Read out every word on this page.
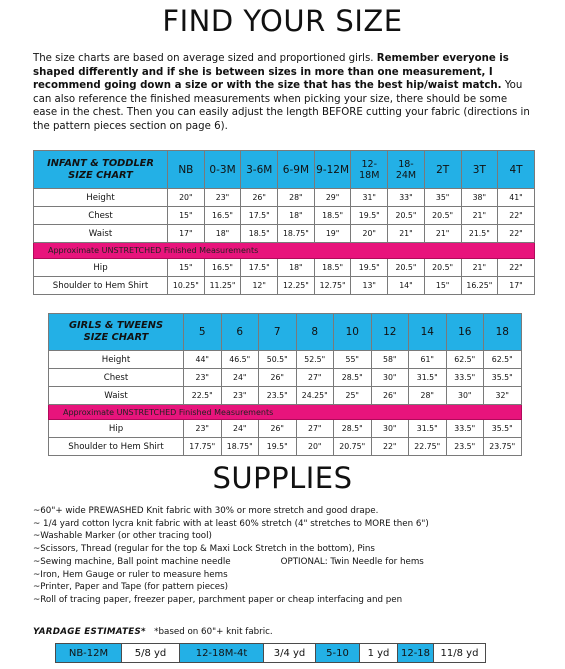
FIND YOUR SIZE
The size charts are based on average sized and proportioned girls. Remember everyone is shaped differently and if she is between sizes in more than one measurement, I recommend going down a size or with the size that has the best hip/waist match. You can also reference the finished measurements when picking your size, there should be some ease in the chest. Then you can easily adjust the length BEFORE cutting your fabric (directions in the pattern pieces section on page 6).
INFANT & TODDLER
SIZE CHART	NB	0-3M	3-6M	6-9M	9-12M	12-18M	18-24M	2T	3T	4T
Height	20"	23"	26"	28"	29"	31"	33"	35"	38"	41"
Chest	15"	16.5"	17.5"	18"	18.5"	19.5"	20.5"	20.5"	21"	22"
Waist	17"	18"	18.5"	18.75"	19"	20"	21"	21"	21.5"	22"
Approximate UNSTRETCHED Finished Measurements										
Hip	15"	16.5"	17.5"	18"	18.5"	19.5"	20.5"	20.5"	21"	22"
Shoulder to Hem Shirt	10.25"	11.25"	12"	12.25"	12.75"	13"	14"	15"	16.25"	17"
GIRLS & TWEENS
SIZE CHART	5	6	7	8	10	12	14	16	18
Height	44"	46.5"	50.5"	52.5"	55"	58"	61"	62.5"	62.5"
Chest	23"	24"	26"	27"	28.5"	30"	31.5"	33.5"	35.5"
Waist	22.5"	23"	23.5"	24.25"	25"	26"	28"	30"	32"
Approximate UNSTRETCHED Finished Measurements									
Hip	23"	24"	26"	27"	28.5"	30"	31.5"	33.5"	35.5"
Shoulder to Hem Shirt	17.75"	18.75"	19.5"	20"	20.75"	22"	22.75"	23.5"	23.75"
SUPPLIES
~60"+ wide PREWASHED Knit fabric with 30% or more stretch and good drape.
~ 1/4 yard cotton lycra knit fabric with at least 60% stretch (4" stretches to MORE then 6")
~Washable Marker (or other tracing tool)
~Scissors, Thread (regular for the top & Maxi Lock Stretch in the bottom), Pins
~Sewing machine, Ball point machine needle	OPTIONAL: Twin Needle for hems
~Iron, Hem Gauge or ruler to measure hems
~Printer, Paper and Tape (for pattern pieces)
~Roll of tracing paper, freezer paper, parchment paper or cheap interfacing and pen
YARDAGE ESTIMATES* *based on 60"+ knit fabric.
NB-12M	5/8 yd	12-18M-4t	3/4 yd	5-10	1 yd	12-18	11/8 yd
